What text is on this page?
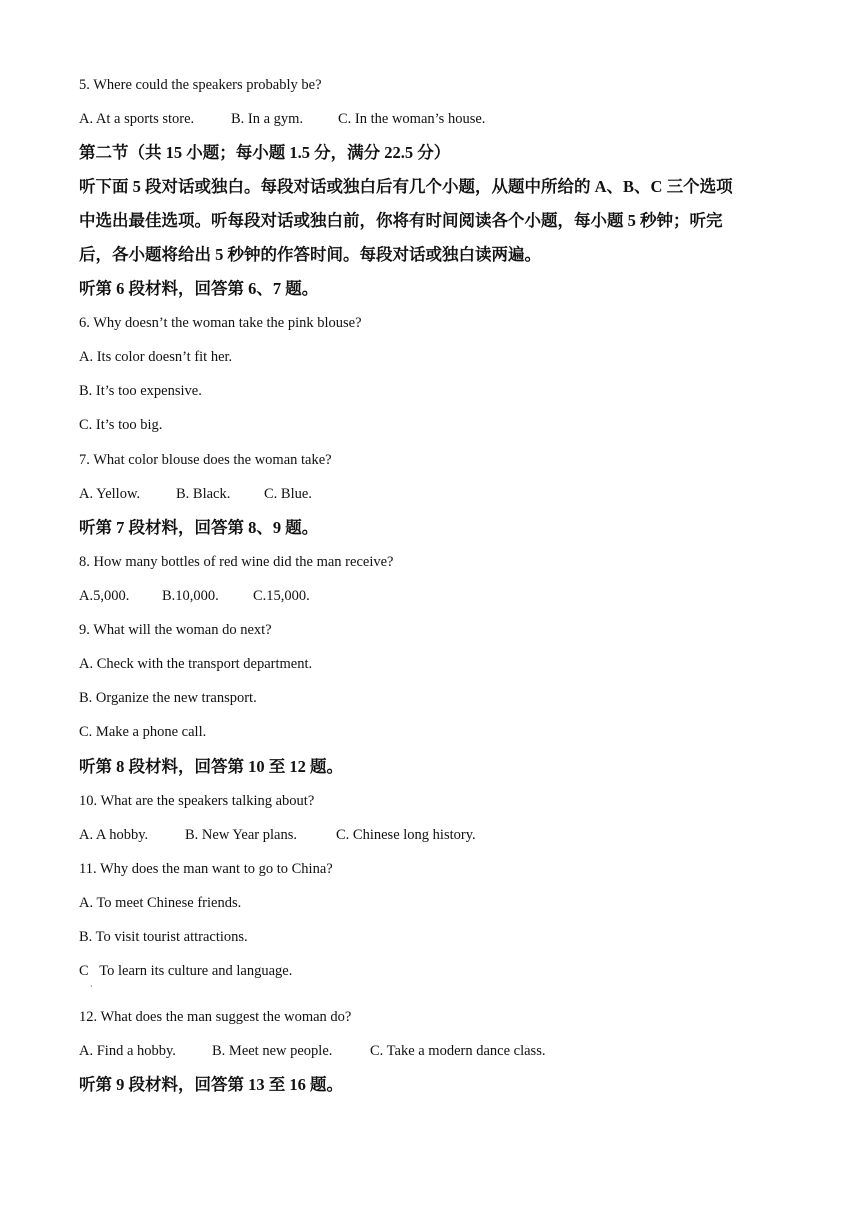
5. Where could the speakers probably be?
A. At a sports store.	B. In a gym. C. In the woman’s house.
第二节（共 15 小题；每小题 1.5 分，满分 22.5 分）
听下面 5 段对话或独白。每段对话或独白后有几个小题，从题中所给的 A、B、C 三个选项
中选出最佳选项。听每段对话或独白前，你将有时间阅读各个小题，每小题 5 秒钟；听完
后，各小题将给出 5 秒钟的作答时间。每段对话或独白读两遍。
听第 6 段材料，回答第 6、7 题。
6. Why doesn’t the woman take the pink blouse?
A. Its color doesn’t fit her.
B. It’s too expensive.
C. It’s too big.
7. What color blouse does the woman take?
A. Yellow. B. Black. C. Blue.
听第 7 段材料，回答第 8、9 题。
8. How many bottles of red wine did the man receive?
A.5,000. B.10,000. C.15,000.
9. What will the woman do next?
A. Check with the transport department.
B. Organize the new transport.
C. Make a phone call.
听第 8 段材料，回答第 10 至 12 题。
10. What are the speakers talking about?
A. A hobby.	B. New Year plans.	C. Chinese long history.
11. Why does the man want to go to China?
A. To meet Chinese friends.
B. To visit tourist attractions.
C   To learn its culture and language.
·
12. What does the man suggest the woman do?
A. Find a hobby. B. Meet new people.	C. Take a modern dance class.
听第 9 段材料，回答第 13 至 16 题。
